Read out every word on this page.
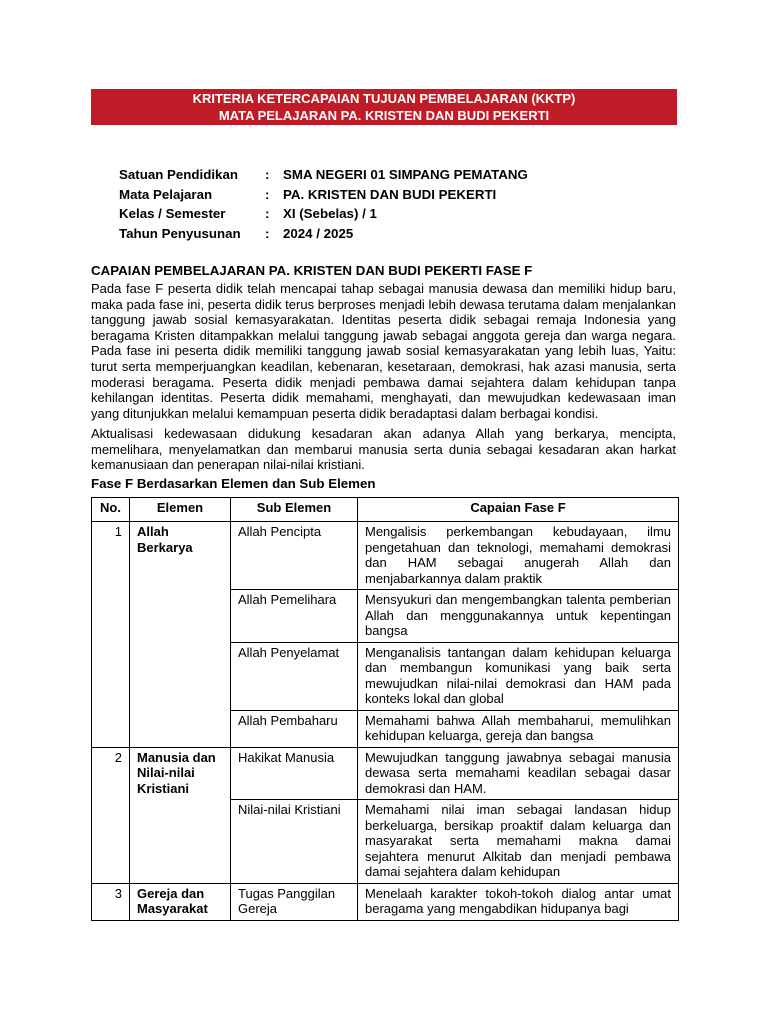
KRITERIA KETERCAPAIAN TUJUAN PEMBELAJARAN (KKTP)
MATA PELAJARAN PA. KRISTEN DAN BUDI PEKERTI
Satuan Pendidikan	:	SMA NEGERI 01 SIMPANG PEMATANG
Mata Pelajaran	:	PA. KRISTEN DAN BUDI PEKERTI
Kelas / Semester	:	XI (Sebelas) / 1
Tahun Penyusunan	:	2024 / 2025
CAPAIAN PEMBELAJARAN PA. KRISTEN DAN BUDI PEKERTI FASE F
Pada fase F peserta didik telah mencapai tahap sebagai manusia dewasa dan memiliki hidup baru, maka pada fase ini, peserta didik terus berproses menjadi lebih dewasa terutama dalam menjalankan tanggung jawab sosial kemasyarakatan. Identitas peserta didik sebagai remaja Indonesia yang beragama Kristen ditampakkan melalui tanggung jawab sebagai anggota gereja dan warga negara. Pada fase ini peserta didik memiliki tanggung jawab sosial kemasyarakatan yang lebih luas, Yaitu: turut serta memperjuangkan keadilan, kebenaran, kesetaraan, demokrasi, hak azasi manusia, serta moderasi beragama. Peserta didik menjadi pembawa damai sejahtera dalam kehidupan tanpa kehilangan identitas. Peserta didik memahami, menghayati, dan mewujudkan kedewasaan iman yang ditunjukkan melalui kemampuan peserta didik beradaptasi dalam berbagai kondisi.
Aktualisasi kedewasaan didukung kesadaran akan adanya Allah yang berkarya, mencipta, memelihara, menyelamatkan dan membarui manusia serta dunia sebagai kesadaran akan harkat kemanusiaan dan penerapan nilai-nilai kristiani.
Fase F Berdasarkan Elemen dan Sub Elemen
No.	Elemen	Sub Elemen	Capaian Fase F
1	Allah Berkarya	Allah Pencipta	Mengalisis perkembangan kebudayaan, ilmu pengetahuan dan teknologi, memahami demokrasi dan HAM sebagai anugerah Allah dan menjabarkannya dalam praktik
		Allah Pemelihara	Mensyukuri dan mengembangkan talenta pemberian Allah dan menggunakannya untuk kepentingan bangsa
		Allah Penyelamat	Menganalisis tantangan dalam kehidupan keluarga dan membangun komunikasi yang baik serta mewujudkan nilai-nilai demokrasi dan HAM pada konteks lokal dan global
		Allah Pembaharu	Memahami bahwa Allah membaharui, memulihkan kehidupan keluarga, gereja dan bangsa
2	Manusia dan Nilai-nilai Kristiani	Hakikat Manusia	Mewujudkan tanggung jawabnya sebagai manusia dewasa serta memahami keadilan sebagai dasar demokrasi dan HAM.
		Nilai-nilai Kristiani	Memahami nilai iman sebagai landasan hidup berkeluarga, bersikap proaktif dalam keluarga dan masyarakat serta memahami makna damai sejahtera menurut Alkitab dan menjadi pembawa damai sejahtera dalam kehidupan
3	Gereja dan Masyarakat	Tugas Panggilan Gereja	Menelaah karakter tokoh-tokoh dialog antar umat beragama yang mengabdikan hidupanya bagi
